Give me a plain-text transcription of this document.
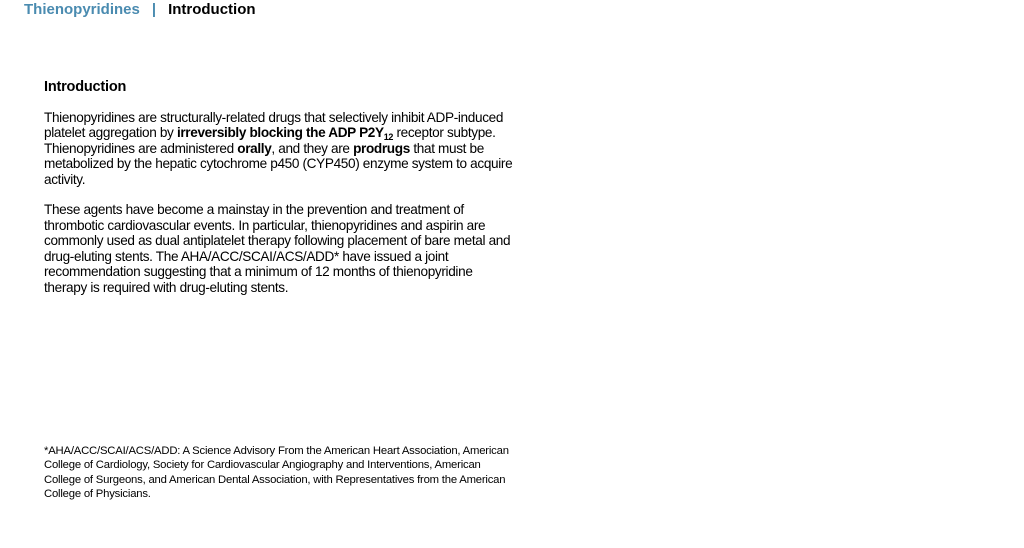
Thienopyridines | Introduction
Introduction

Thienopyridines are structurally-related drugs that selectively inhibit ADP-induced platelet aggregation by irreversibly blocking the ADP $P2Y_{12}$ receptor subtype. Thienopyridines are administered orally, and they are prodrugs that must be metabolized by the hepatic cytochrome p450 (CYP450) enzyme system to acquire activity.

These agents have become a mainstay in the prevention and treatment of thrombotic cardiovascular events. In particular, thienopyridines and aspirin are commonly used as dual antiplatelet therapy following placement of bare metal and drug-eluting stents. The AHA/ACC/SCAI/ACS/ADD* have issued a joint recommendation suggesting that a minimum of 12 months of thienopyridine therapy is required with drug-eluting stents.

*AHA/ACC/SCAI/ACS/ADD: A Science Advisory From the American Heart Association, American College of Cardiology, Society for Cardiovascular Angiography and Interventions, American College of Surgeons, and American Dental Association, with Representatives from the American College of Physicians.
